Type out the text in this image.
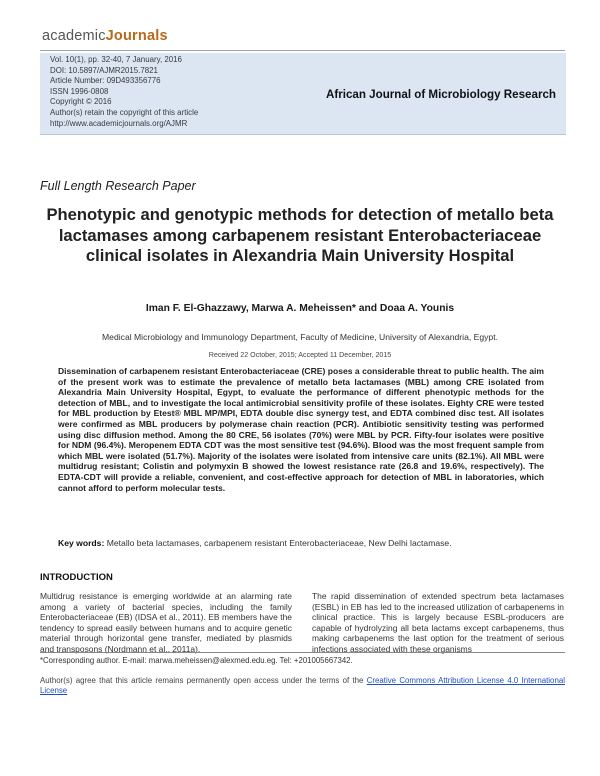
academicJournals
Vol. 10(1), pp. 32-40, 7 January, 2016
DOI: 10.5897/AJMR2015.7821
Article Number: 09D493356776
ISSN 1996-0808
Copyright © 2016
Author(s) retain the copyright of this article
http://www.academicjournals.org/AJMR
African Journal of Microbiology Research
Full Length Research Paper
Phenotypic and genotypic methods for detection of metallo beta lactamases among carbapenem resistant Enterobacteriaceae clinical isolates in Alexandria Main University Hospital
Iman F. El-Ghazzawy, Marwa A. Meheissen* and Doaa A. Younis
Medical Microbiology and Immunology Department, Faculty of Medicine, University of Alexandria, Egypt.
Received 22 October, 2015; Accepted 11 December, 2015
Dissemination of carbapenem resistant Enterobacteriaceae (CRE) poses a considerable threat to public health. The aim of the present work was to estimate the prevalence of metallo beta lactamases (MBL) among CRE isolated from Alexandria Main University Hospital, Egypt, to evaluate the performance of different phenotypic methods for the detection of MBL, and to investigate the local antimicrobial sensitivity profile of these isolates. Eighty CRE were tested for MBL production by Etest® MBL MP/MPI, EDTA double disc synergy test, and EDTA combined disc test. All isolates were confirmed as MBL producers by polymerase chain reaction (PCR). Antibiotic sensitivity testing was performed using disc diffusion method. Among the 80 CRE, 56 isolates (70%) were MBL by PCR. Fifty-four isolates were positive for NDM (96.4%). Meropenem EDTA CDT was the most sensitive test (94.6%). Blood was the most frequent sample from which MBL were isolated (51.7%). Majority of the isolates were isolated from intensive care units (82.1%). All MBL were multidrug resistant; Colistin and polymyxin B showed the lowest resistance rate (26.8 and 19.6%, respectively). The EDTA-CDT will provide a reliable, convenient, and cost-effective approach for detection of MBL in laboratories, which cannot afford to perform molecular tests.
Key words: Metallo beta lactamases, carbapenem resistant Enterobacteriaceae, New Delhi lactamase.
INTRODUCTION
Multidrug resistance is emerging worldwide at an alarming rate among a variety of bacterial species, including the family Enterobacteriaceae (EB) (IDSA et al., 2011). EB members have the tendency to spread easily between humans and to acquire genetic material through horizontal gene transfer, mediated by plasmids and transposons (Nordmann et al., 2011a).
The rapid dissemination of extended spectrum beta lactamases (ESBL) in EB has led to the increased utilization of carbapenems in clinical practice. This is largely because ESBL-producers are capable of hydrolyzing all beta lactams except carbapenems, thus making carbapenems the last option for the treatment of serious infections associated with these organisms
*Corresponding author. E-mail: marwa.meheissen@alexmed.edu.eg. Tel: +201005667342.
Author(s) agree that this article remains permanently open access under the terms of the Creative Commons Attribution License 4.0 International License
